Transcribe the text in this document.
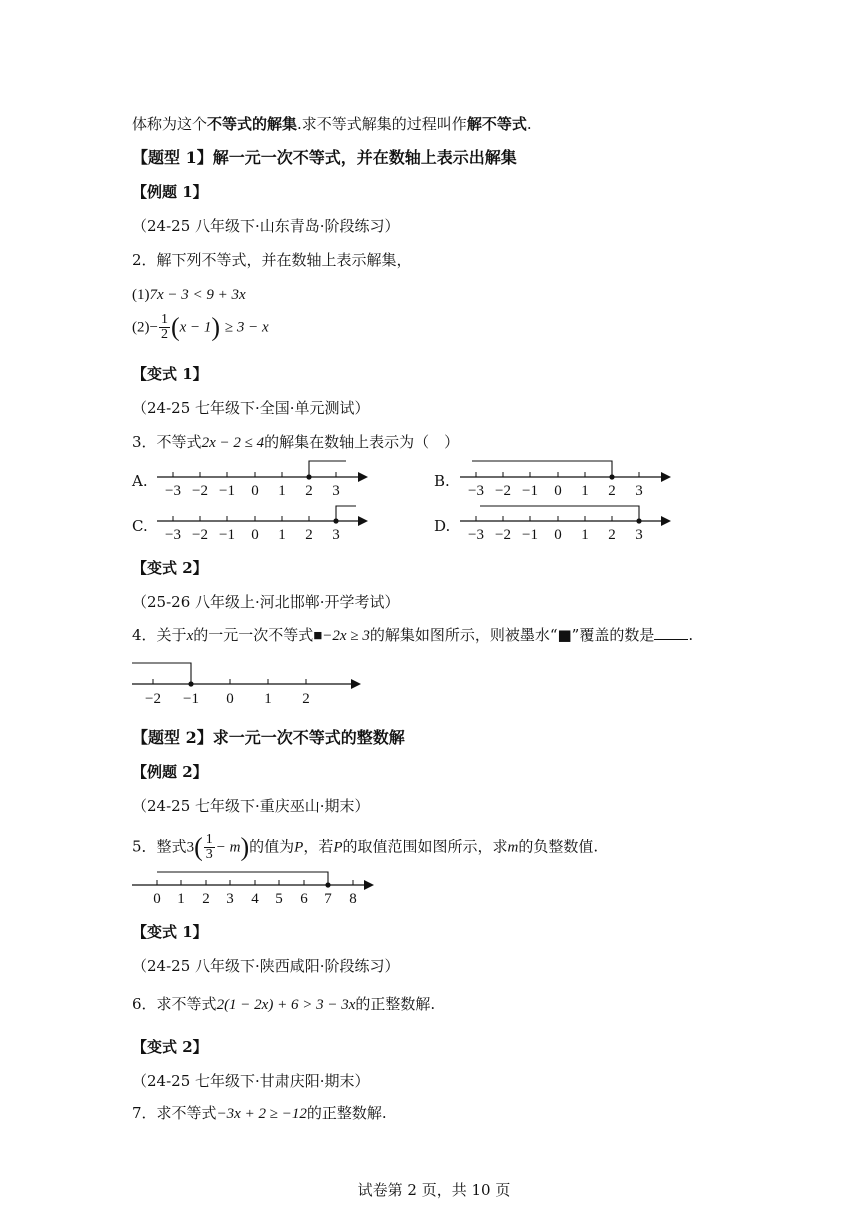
体称为这个不等式的解集.求不等式解集的过程叫作解不等式.
【题型 1】解一元一次不等式，并在数轴上表示出解集
【例题 1】
（24-25 八年级下·山东青岛·阶段练习）
2．解下列不等式，并在数轴上表示解集，
(1)7x − 3 < 9 + 3x
$(2)- \frac{1}{2} (x - 1) \ge 3 - x$
【变式 1】
（24-25 七年级下·全国·单元测试）
3．不等式2x − 2 ≤ 4的解集在数轴上表示为（　）
A.
−3 −2 −1 0 1 2 3
B.
−3 −2 −1 0 1 2 3
C. −3 −2 −1 0 1 2 3	D. −3 −2 −1 0 1 2 3
【变式 2】
（25-26 八年级上·河北邯郸·开学考试）
4．关于x的一元一次不等式■−2x ≥ 3的解集如图所示，则被墨水“■”覆盖的数是 .
−2 −1 0 1 2
【题型 2】求一元一次不等式的整数解
【例题 2】
（24-25 七年级下·重庆巫山·期末）
5．整式$3( \frac{1}{3} - m)$的值为P，若P的取值范围如图所示，求m的负整数值.
0 1 2 3 4 5 6 7 8
【变式 1】
（24-25 八年级下·陕西咸阳·阶段练习）
6．求不等式2(1 − 2x) + 6 > 3 − 3x的正整数解.
【变式 2】
（24-25 七年级下·甘肃庆阳·期末）
7．求不等式−3x + 2 ≥ −12的正整数解.
试卷第 2 页，共 10 页
